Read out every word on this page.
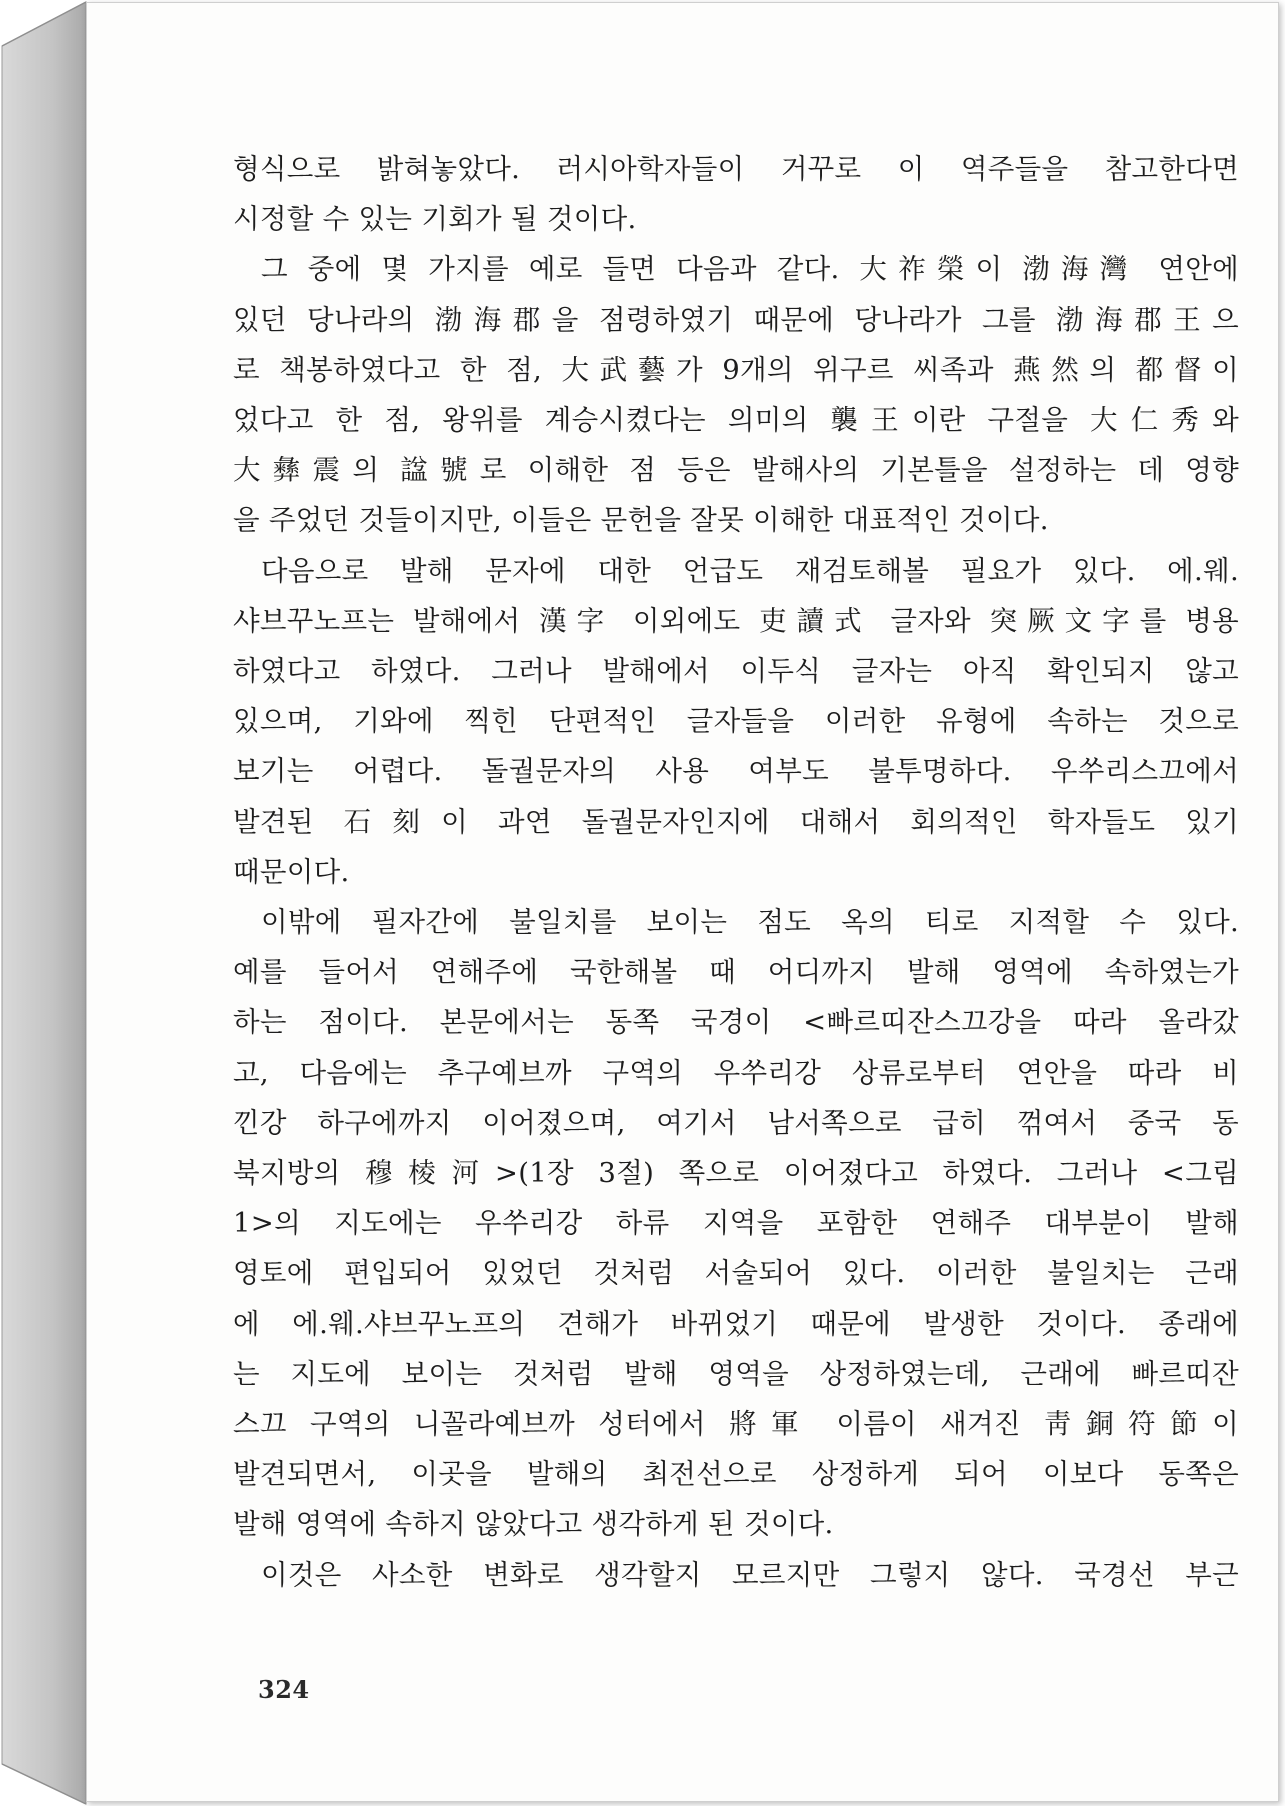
형식으로 밝혀놓았다. 러시아학자들이 거꾸로 이 역주들을 참고한다면
시정할 수 있는 기회가 될 것이다.

그 중에 몇 가지를 예로 들면 다음과 같다. 大祚榮이 渤海灣 연안에
있던 당나라의 渤海郡을 점령하였기 때문에 당나라가 그를 渤海郡王으
로 책봉하였다고 한 점, 大武藝가 9개의 위구르 씨족과 燕然의 都督이
었다고 한 점, 왕위를 계승시켰다는 의미의 襲王이란 구절을 大仁秀와
大彝震의 諡號로 이해한 점 등은 발해사의 기본틀을 설정하는 데 영향
을 주었던 것들이지만, 이들은 문헌을 잘못 이해한 대표적인 것이다.

다음으로 발해 문자에 대한 언급도 재검토해볼 필요가 있다. 에.웨.
샤브꾸노프는 발해에서 漢字 이외에도 吏讀式 글자와 突厥文字를 병용
하였다고 하였다. 그러나 발해에서 이두식 글자는 아직 확인되지 않고
있으며, 기와에 찍힌 단편적인 글자들을 이러한 유형에 속하는 것으로
보기는 어렵다. 돌궐문자의 사용 여부도 불투명하다. 우쑤리스끄에서
발견된 石刻이 과연 돌궐문자인지에 대해서 회의적인 학자들도 있기
때문이다.

이밖에 필자간에 불일치를 보이는 점도 옥의 티로 지적할 수 있다.
예를 들어서 연해주에 국한해볼 때 어디까지 발해 영역에 속하였는가
하는 점이다. 본문에서는 동쪽 국경이 <빠르띠잔스끄강을 따라 올라갔
고, 다음에는 추구예브까 구역의 우쑤리강 상류로부터 연안을 따라 비
낀강 하구에까지 이어졌으며, 여기서 남서쪽으로 급히 꺾여서 중국 동
북지방의 穆棱河>(1장 3절) 쪽으로 이어졌다고 하였다. 그러나 <그림
1>의 지도에는 우쑤리강 하류 지역을 포함한 연해주 대부분이 발해
영토에 편입되어 있었던 것처럼 서술되어 있다. 이러한 불일치는 근래
에 에.웨.샤브꾸노프의 견해가 바뀌었기 때문에 발생한 것이다. 종래에
는 지도에 보이는 것처럼 발해 영역을 상정하였는데, 근래에 빠르띠잔
스끄 구역의 니꼴라예브까 성터에서 將軍 이름이 새겨진 靑銅符節이
발견되면서, 이곳을 발해의 최전선으로 상정하게 되어 이보다 동쪽은
발해 영역에 속하지 않았다고 생각하게 된 것이다.

이것은 사소한 변화로 생각할지 모르지만 그렇지 않다. 국경선 부근

324
